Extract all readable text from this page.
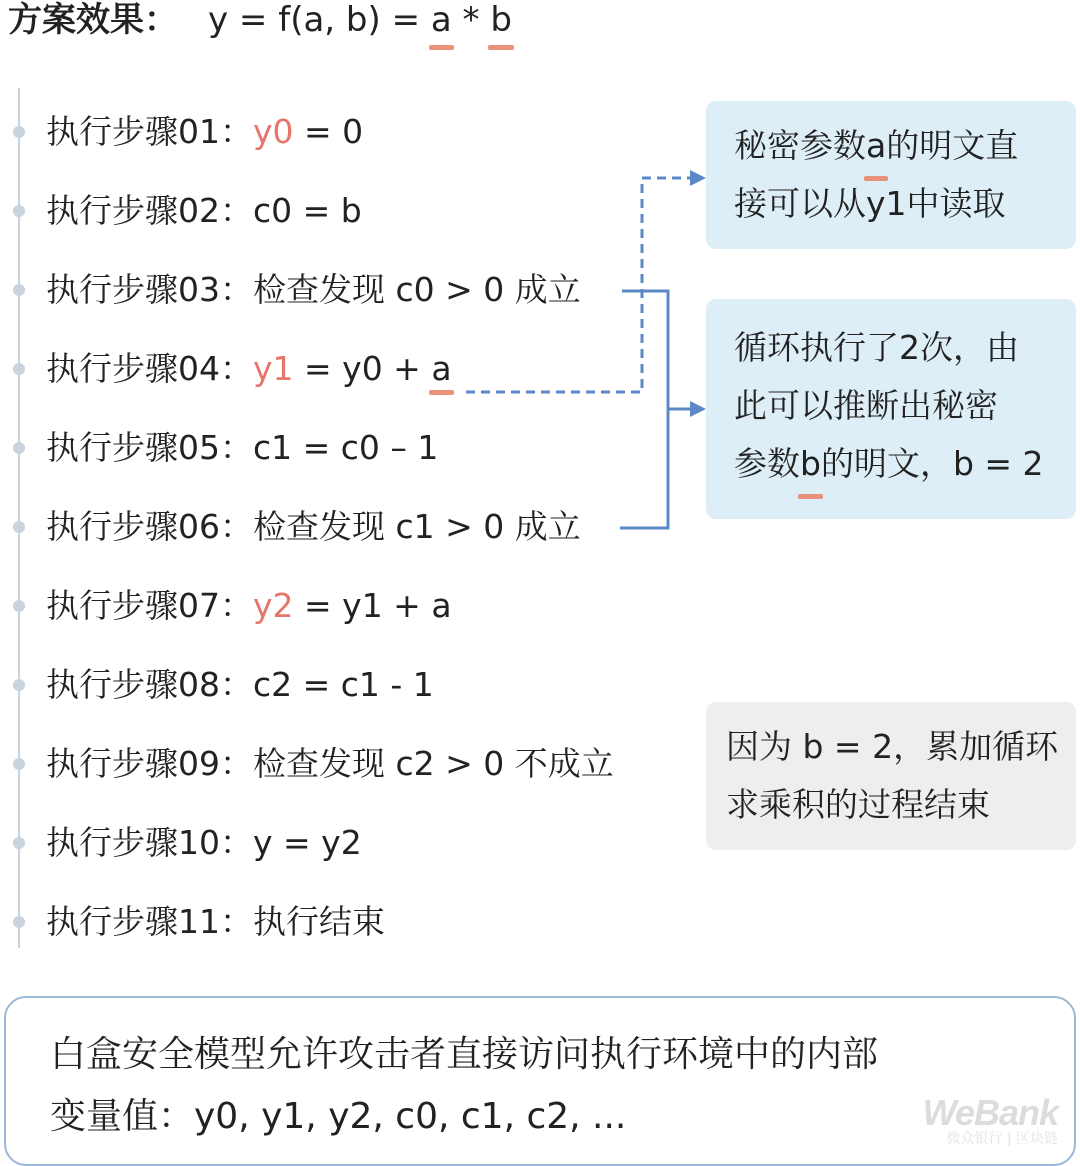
方案效果： y = f(a, b) = a * b
执行步骤01：y0 = 0
执行步骤02：c0 = b
执行步骤03：检查发现 c0 > 0 成立
执行步骤04：y1 = y0 + a
执行步骤05：c1 = c0 – 1
执行步骤06：检查发现 c1 > 0 成立
执行步骤07：y2 = y1 + a
执行步骤08：c2 = c1 - 1
执行步骤09：检查发现 c2 > 0 不成立
执行步骤10：y = y2
执行步骤11：执行结束
秘密参数a的明文直
接可以从y1中读取
循环执行了2次，由
此可以推断出秘密
参数b的明文，b = 2
因为 b = 2，累加循环
求乘积的过程结束
白盒安全模型允许攻击者直接访问执行环境中的内部
变量值：y0, y1, y2, c0, c1, c2, ...	WeBank
微众银行 | 区块链
